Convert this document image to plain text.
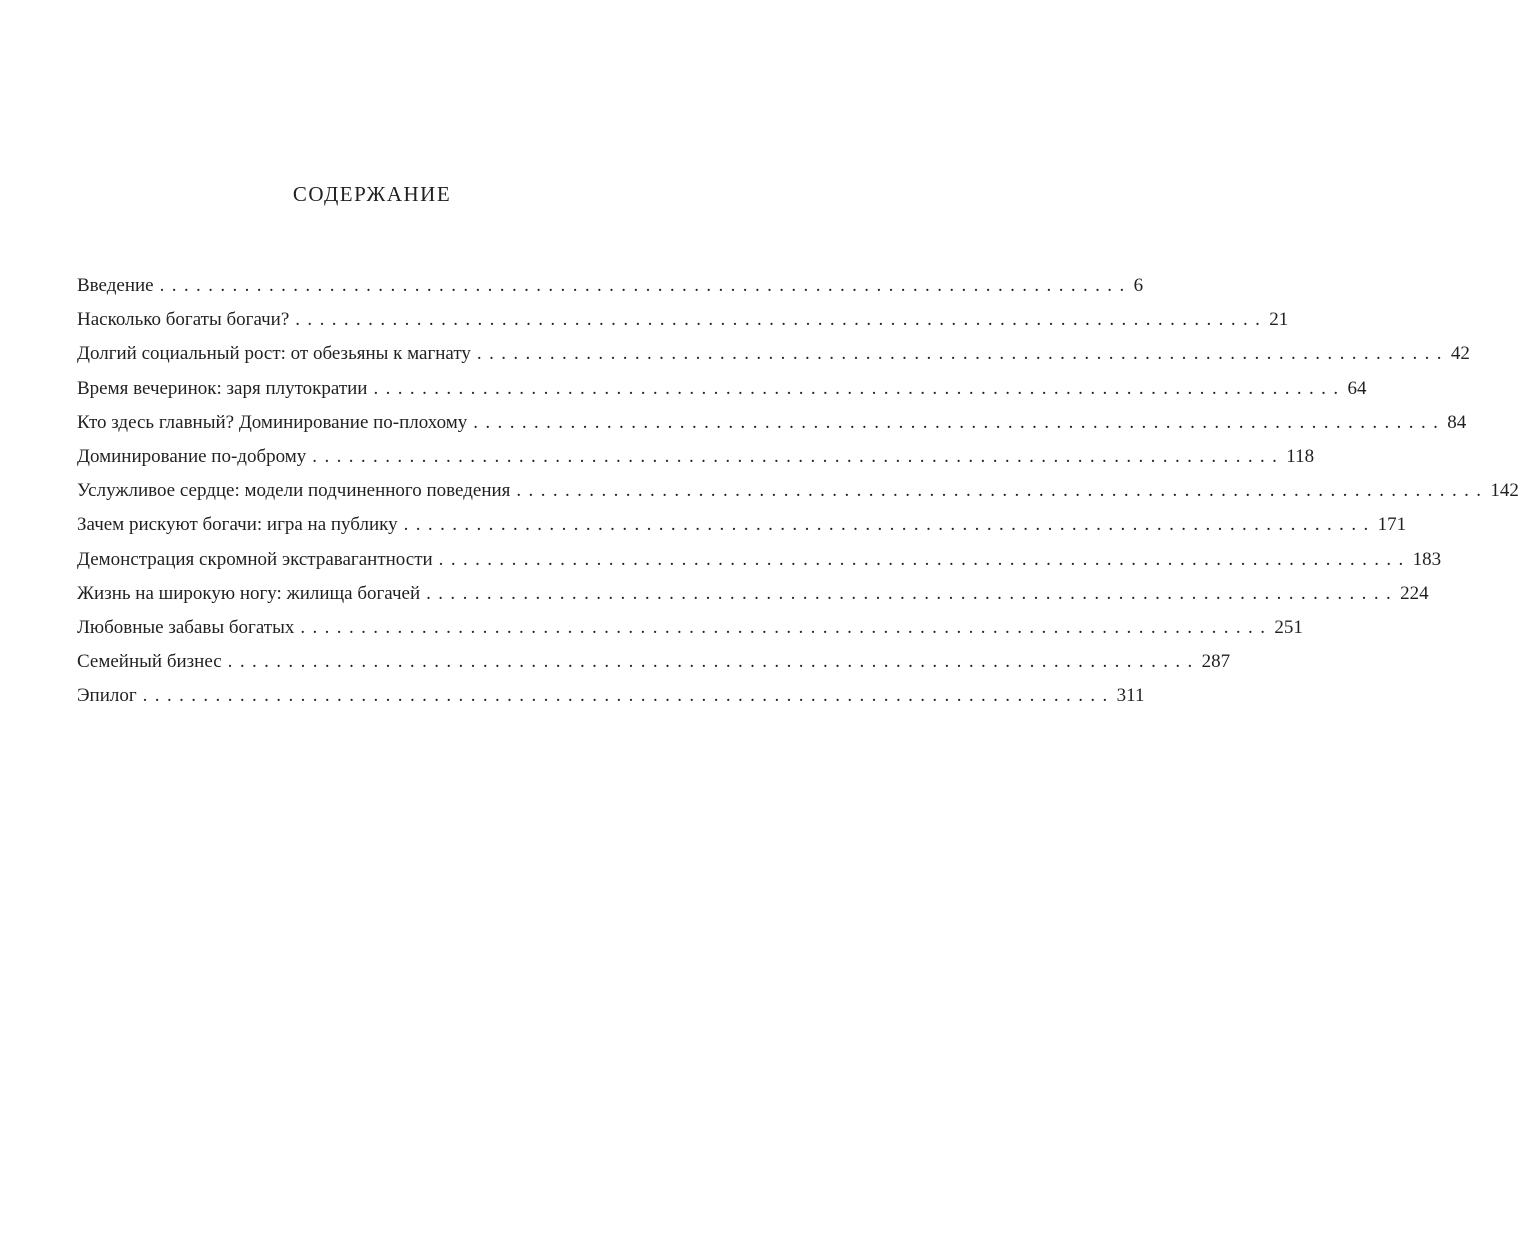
СОДЕРЖАНИЕ
Введение ................................................................................ 6
Насколько богаты богачи? ................................................................................ 21
Долгий социальный рост: от обезьяны к магнату ................................................................................ 42
Время вечеринок: заря плутократии ................................................................................ 64
Кто здесь главный? Доминирование по-плохому ................................................................................ 84
Доминирование по-доброму ................................................................................ 118
Услужливое сердце: модели подчиненного поведения ................................................................................ 142
Зачем рискуют богачи: игра на публику ................................................................................ 171
Демонстрация скромной экстравагантности ................................................................................ 183
Жизнь на широкую ногу: жилища богачей ................................................................................ 224
Любовные забавы богатых ................................................................................ 251
Семейный бизнес ................................................................................ 287
Эпилог ................................................................................ 311
